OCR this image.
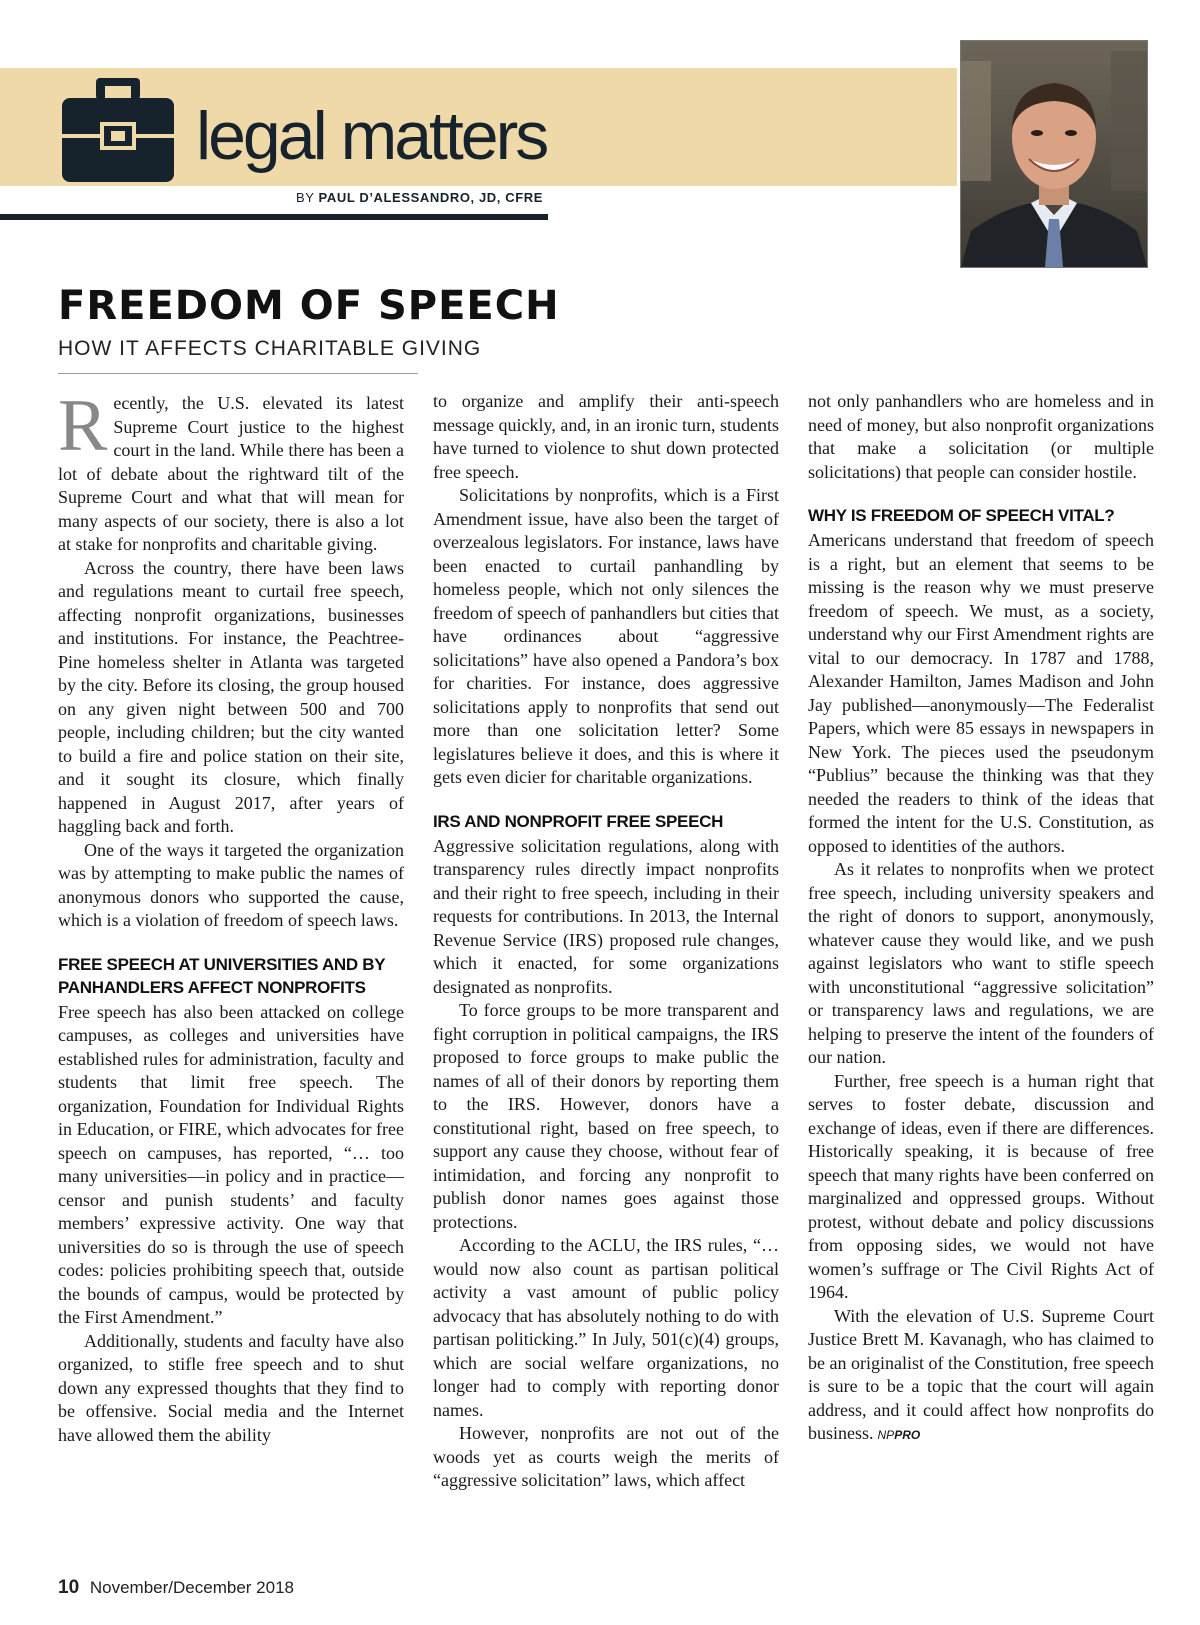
legal matters
BY PAUL D’ALESSANDRO, JD, CFRE
FREEDOM OF SPEECH
HOW IT AFFECTS CHARITABLE GIVING

Recently, the U.S. elevated its latest Supreme Court justice to the highest court in the land. While there has been a lot of debate about the rightward tilt of the Supreme Court and what that will mean for many aspects of our society, there is also a lot at stake for nonprofits and charitable giving.

Across the country, there have been laws and regulations meant to curtail free speech, affecting nonprofit organizations, businesses and institutions. For instance, the Peachtree-Pine homeless shelter in Atlanta was targeted by the city. Before its closing, the group housed on any given night between 500 and 700 people, including children; but the city wanted to build a fire and police station on their site, and it sought its closure, which finally happened in August 2017, after years of haggling back and forth.

One of the ways it targeted the organization was by attempting to make public the names of anonymous donors who supported the cause, which is a violation of freedom of speech laws.

FREE SPEECH AT UNIVERSITIES AND BY PANHANDLERS AFFECT NONPROFITS

Free speech has also been attacked on college campuses, as colleges and universities have established rules for administration, faculty and students that limit free speech. The organization, Foundation for Individual Rights in Education, or FIRE, which advocates for free speech on campuses, has reported, “… too many universities—in policy and in practice—censor and punish students’ and faculty members’ expressive activity. One way that universities do so is through the use of speech codes: policies prohibiting speech that, outside the bounds of campus, would be protected by the First Amendment.”

Additionally, students and faculty have also organized, to stifle free speech and to shut down any expressed thoughts that they find to be offensive. Social media and the Internet have allowed them the ability

to organize and amplify their anti-speech message quickly, and, in an ironic turn, students have turned to violence to shut down protected free speech.

Solicitations by nonprofits, which is a First Amendment issue, have also been the target of overzealous legislators. For instance, laws have been enacted to curtail panhandling by homeless people, which not only silences the freedom of speech of panhandlers but cities that have ordinances about “aggressive solicitations” have also opened a Pandora’s box for charities. For instance, does aggressive solicitations apply to nonprofits that send out more than one solicitation letter? Some legislatures believe it does, and this is where it gets even dicier for charitable organizations.

IRS AND NONPROFIT FREE SPEECH

Aggressive solicitation regulations, along with transparency rules directly impact nonprofits and their right to free speech, including in their requests for contributions. In 2013, the Internal Revenue Service (IRS) proposed rule changes, which it enacted, for some organizations designated as nonprofits.

To force groups to be more transparent and fight corruption in political campaigns, the IRS proposed to force groups to make public the names of all of their donors by reporting them to the IRS. However, donors have a constitutional right, based on free speech, to support any cause they choose, without fear of intimidation, and forcing any nonprofit to publish donor names goes against those protections.

According to the ACLU, the IRS rules, “… would now also count as partisan political activity a vast amount of public policy advocacy that has absolutely nothing to do with partisan politicking.” In July, 501(c)(4) groups, which are social welfare organizations, no longer had to comply with reporting donor names.

However, nonprofits are not out of the woods yet as courts weigh the merits of “aggressive solicitation” laws, which affect

not only panhandlers who are homeless and in need of money, but also nonprofit organizations that make a solicitation (or multiple solicitations) that people can consider hostile.

WHY IS FREEDOM OF SPEECH VITAL?

Americans understand that freedom of speech is a right, but an element that seems to be missing is the reason why we must preserve freedom of speech. We must, as a society, understand why our First Amendment rights are vital to our democracy. In 1787 and 1788, Alexander Hamilton, James Madison and John Jay published—anonymously—The Federalist Papers, which were 85 essays in newspapers in New York. The pieces used the pseudonym “Publius” because the thinking was that they needed the readers to think of the ideas that formed the intent for the U.S. Constitution, as opposed to identities of the authors.

As it relates to nonprofits when we protect free speech, including university speakers and the right of donors to support, anonymously, whatever cause they would like, and we push against legislators who want to stifle speech with unconstitutional “aggressive solicitation” or transparency laws and regulations, we are helping to preserve the intent of the founders of our nation.

Further, free speech is a human right that serves to foster debate, discussion and exchange of ideas, even if there are differences. Historically speaking, it is because of free speech that many rights have been conferred on marginalized and oppressed groups. Without protest, without debate and policy discussions from opposing sides, we would not have women’s suffrage or The Civil Rights Act of 1964.

With the elevation of U.S. Supreme Court Justice Brett M. Kavanagh, who has claimed to be an originalist of the Constitution, free speech is sure to be a topic that the court will again address, and it could affect how nonprofits do business. NPPRO

10 November/December 2018
